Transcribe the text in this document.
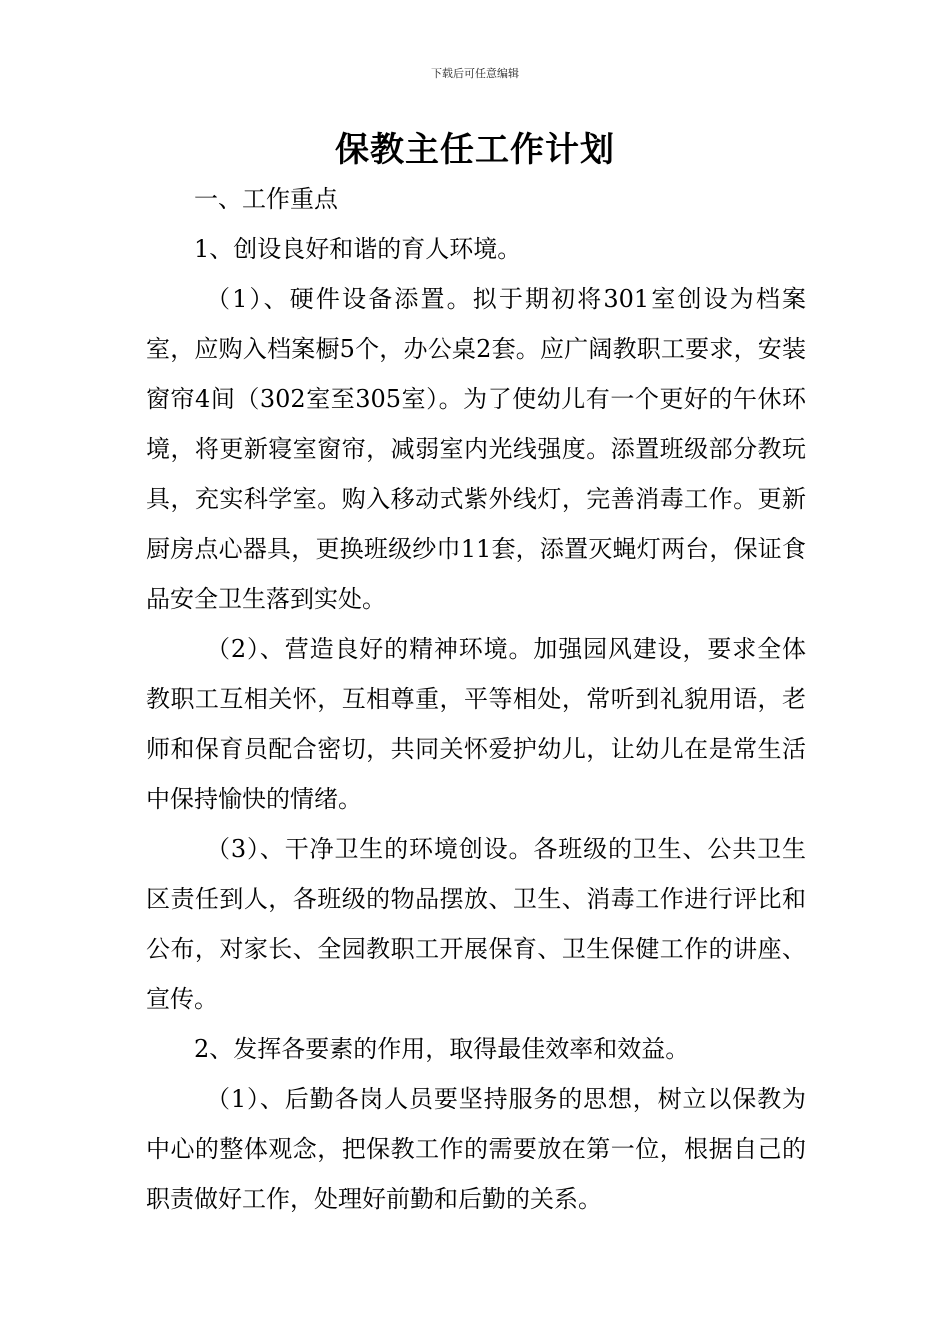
下载后可任意编辑
保教主任工作计划

一、工作重点

1、创设良好和谐的育人环境。

（1）、硬件设备添置。拟于期初将301室创设为档案室，应购入档案橱5个，办公桌2套。应广阔教职工要求，安装窗帘4间（302室至305室）。为了使幼儿有一个更好的午休环境，将更新寝室窗帘，减弱室内光线强度。添置班级部分教玩具，充实科学室。购入移动式紫外线灯，完善消毒工作。更新厨房点心器具，更换班级纱巾11套，添置灭蝇灯两台，保证食品安全卫生落到实处。

（2）、营造良好的精神环境。加强园风建设，要求全体教职工互相关怀，互相尊重，平等相处，常听到礼貌用语，老师和保育员配合密切，共同关怀爱护幼儿，让幼儿在是常生活中保持愉快的情绪。

（3）、干净卫生的环境创设。各班级的卫生、公共卫生区责任到人，各班级的物品摆放、卫生、消毒工作进行评比和公布，对家长、全园教职工开展保育、卫生保健工作的讲座、宣传。

2、发挥各要素的作用，取得最佳效率和效益。

（1）、后勤各岗人员要坚持服务的思想，树立以保教为中心的整体观念，把保教工作的需要放在第一位，根据自己的职责做好工作，处理好前勤和后勤的关系。
